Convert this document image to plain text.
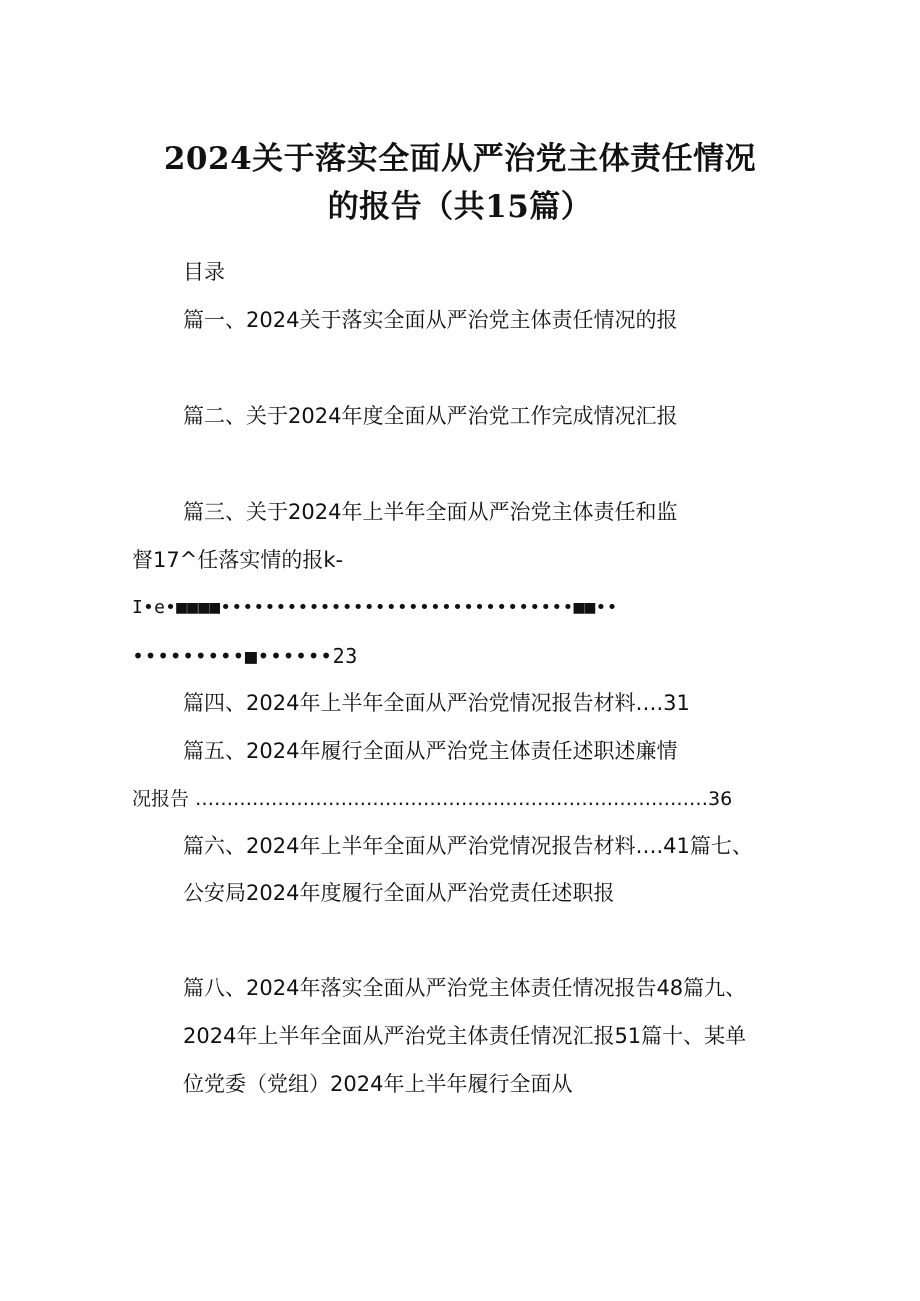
2024关于落实全面从严治党主体责任情况
的报告（共15篇）
目录
篇一、2024关于落实全面从严治党主体责任情况的报
篇二、关于2024年度全面从严治党工作完成情况汇报
篇三、关于2024年上半年全面从严治党主体责任和监
督17^任落实情的报k-
I•e•■■■■••••••••••••••••••••••••••••••••■■••
•••••••••■••••••23
篇四、2024年上半年全面从严治党情况报告材料….31
篇五、2024年履行全面从严治党主体责任述职述廉情
况报告 ………………………………………………………………………36
篇六、2024年上半年全面从严治党情况报告材料….41篇七、
公安局2024年度履行全面从严治党责任述职报
篇八、2024年落实全面从严治党主体责任情况报告48篇九、
2024年上半年全面从严治党主体责任情况汇报51篇十、某单
位党委（党组）2024年上半年履行全面从
